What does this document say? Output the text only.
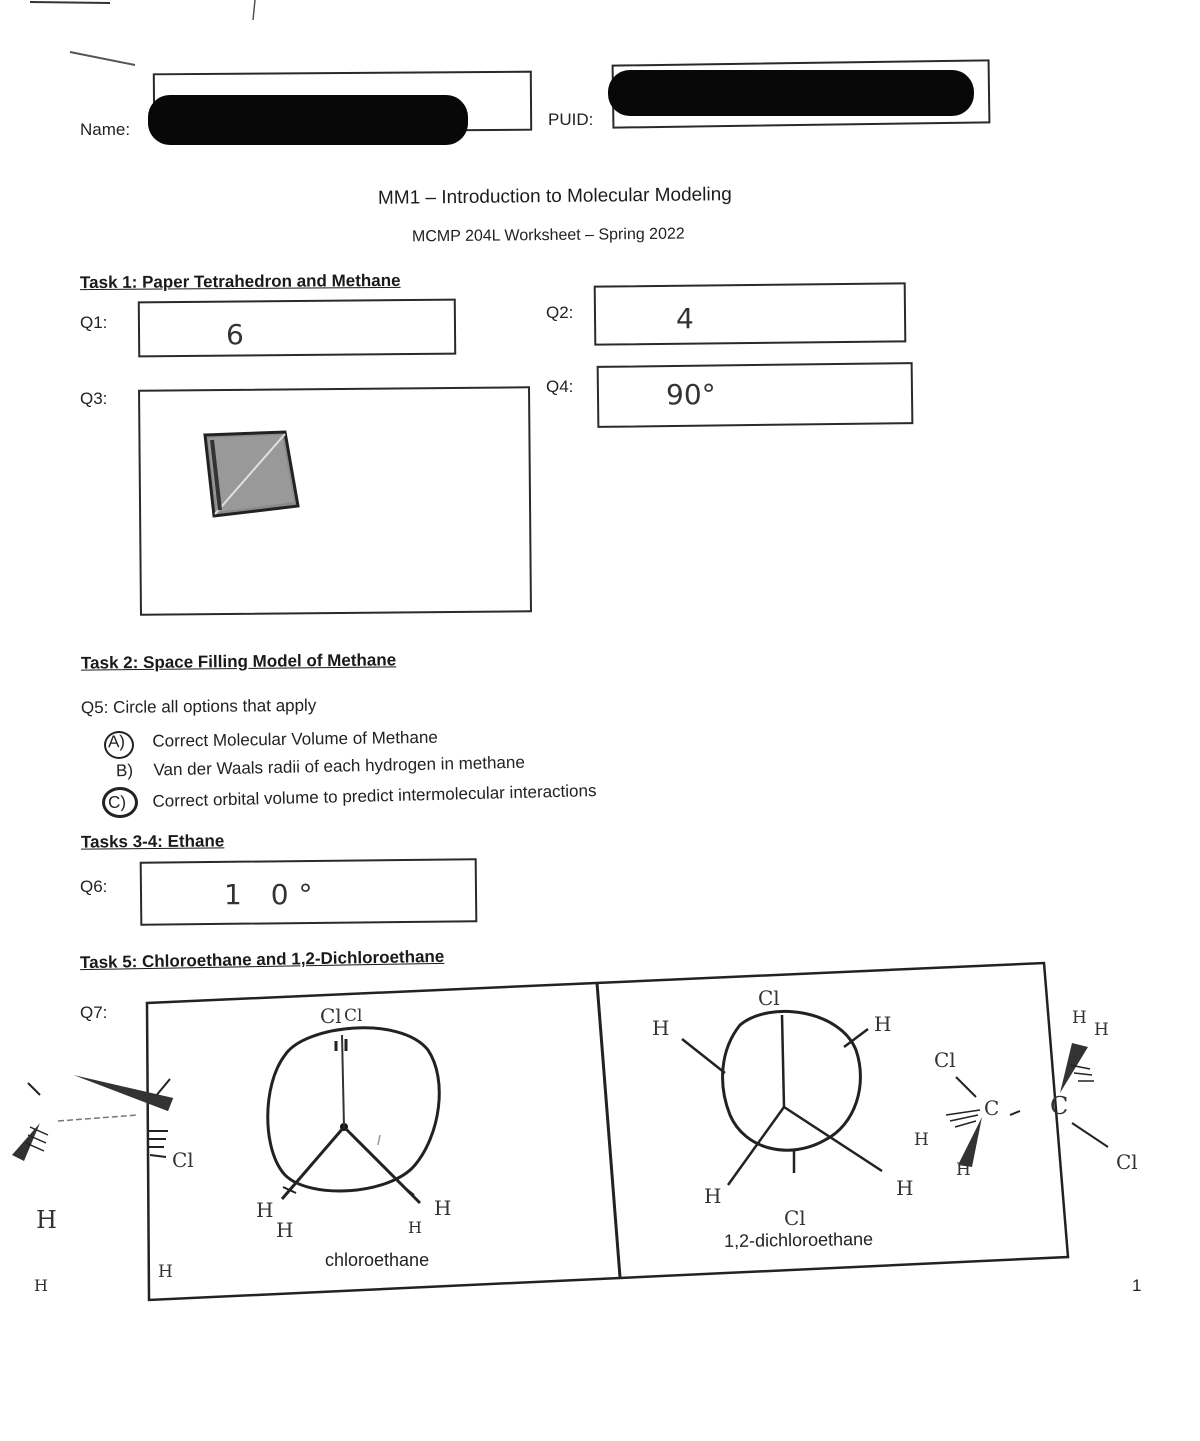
Name:
PUID:
MM1 – Introduction to Molecular Modeling
MCMP 204L Worksheet – Spring 2022
Task 1: Paper Tetrahedron and Methane
Q1:	6
Q2:	4
Q3:
Q4:	90°
Task 2: Space Filling Model of Methane
Q5: Circle all options that apply
A) Correct Molecular Volume of Methane
B) Van der Waals radii of each hydrogen in methane
C) Correct orbital volume to predict intermolecular interactions
Tasks 3-4: Ethane
Q6:	1 0°
Task 5: Chloroethane and 1,2-Dichloroethane
Q7:	Cl Cl
H
H	H
H
chloroethane
Cl
H	H
H	H
Cl
1,2-dichloroethane
Cl
H
H
H
H
Cl
C C
H
Cl
H
H
1
